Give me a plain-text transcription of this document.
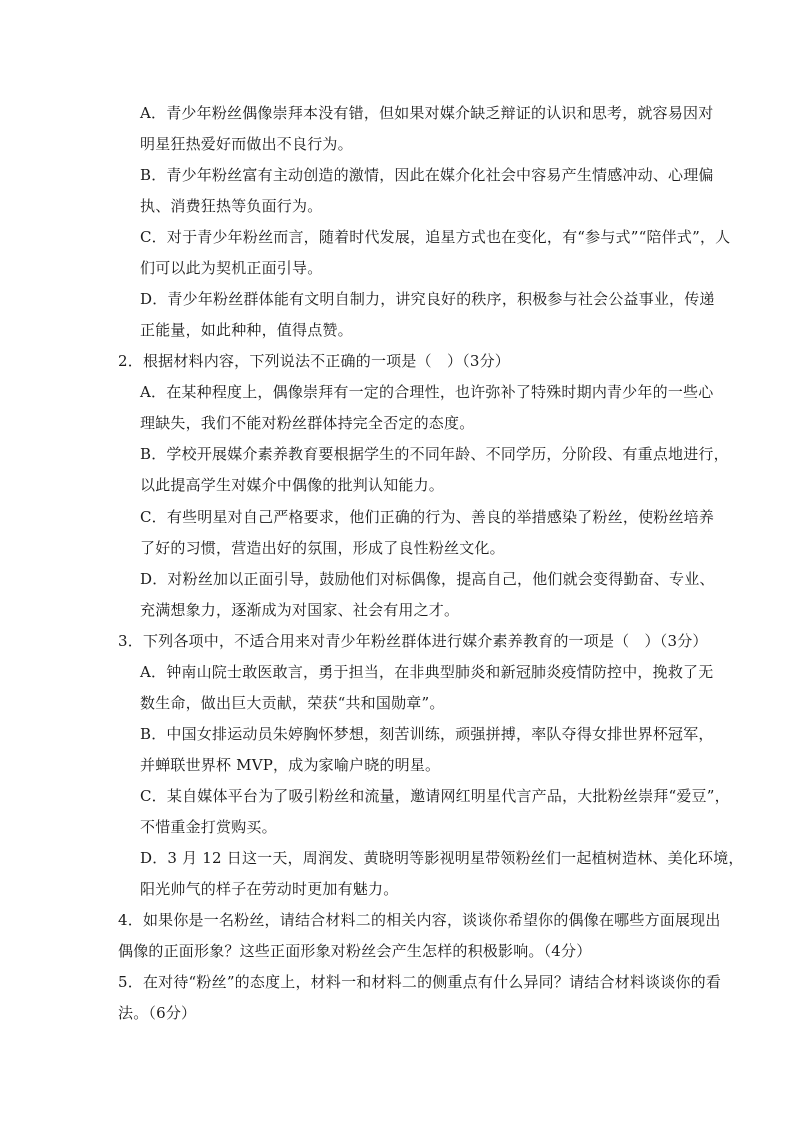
A．青少年粉丝偶像崇拜本没有错，但如果对媒介缺乏辩证的认识和思考，就容易因对
明星狂热爱好而做出不良行为。
B．青少年粉丝富有主动创造的激情，因此在媒介化社会中容易产生情感冲动、心理偏
执、消费狂热等负面行为。
C．对于青少年粉丝而言，随着时代发展，追星方式也在变化，有“参与式”“陪伴式”，人
们可以此为契机正面引导。
D．青少年粉丝群体能有文明自制力，讲究良好的秩序，积极参与社会公益事业，传递
正能量，如此种种，值得点赞。
2．根据材料内容，下列说法不正确的一项是（　）（3分）
A．在某种程度上，偶像崇拜有一定的合理性，也许弥补了特殊时期内青少年的一些心
理缺失，我们不能对粉丝群体持完全否定的态度。
B．学校开展媒介素养教育要根据学生的不同年龄、不同学历，分阶段、有重点地进行，
以此提高学生对媒介中偶像的批判认知能力。
C．有些明星对自己严格要求，他们正确的行为、善良的举措感染了粉丝，使粉丝培养
了好的习惯，营造出好的氛围，形成了良性粉丝文化。
D．对粉丝加以正面引导，鼓励他们对标偶像，提高自己，他们就会变得勤奋、专业、
充满想象力，逐渐成为对国家、社会有用之才。
3．下列各项中，不适合用来对青少年粉丝群体进行媒介素养教育的一项是（　）（3分）
A．钟南山院士敢医敢言，勇于担当，在非典型肺炎和新冠肺炎疫情防控中，挽救了无
数生命，做出巨大贡献，荣获“共和国勋章”。
B．中国女排运动员朱婷胸怀梦想，刻苦训练，顽强拼搏，率队夺得女排世界杯冠军，
并蝉联世界杯 MVP，成为家喻户晓的明星。
C．某自媒体平台为了吸引粉丝和流量，邀请网红明星代言产品，大批粉丝崇拜“爱豆”，
不惜重金打赏购买。
D．3 月 12 日这一天，周润发、黄晓明等影视明星带领粉丝们一起植树造林、美化环境，
阳光帅气的样子在劳动时更加有魅力。
4．如果你是一名粉丝，请结合材料二的相关内容，谈谈你希望你的偶像在哪些方面展现出
偶像的正面形象？这些正面形象对粉丝会产生怎样的积极影响。（4分）
5．在对待“粉丝”的态度上，材料一和材料二的侧重点有什么异同？请结合材料谈谈你的看
法。（6分）
